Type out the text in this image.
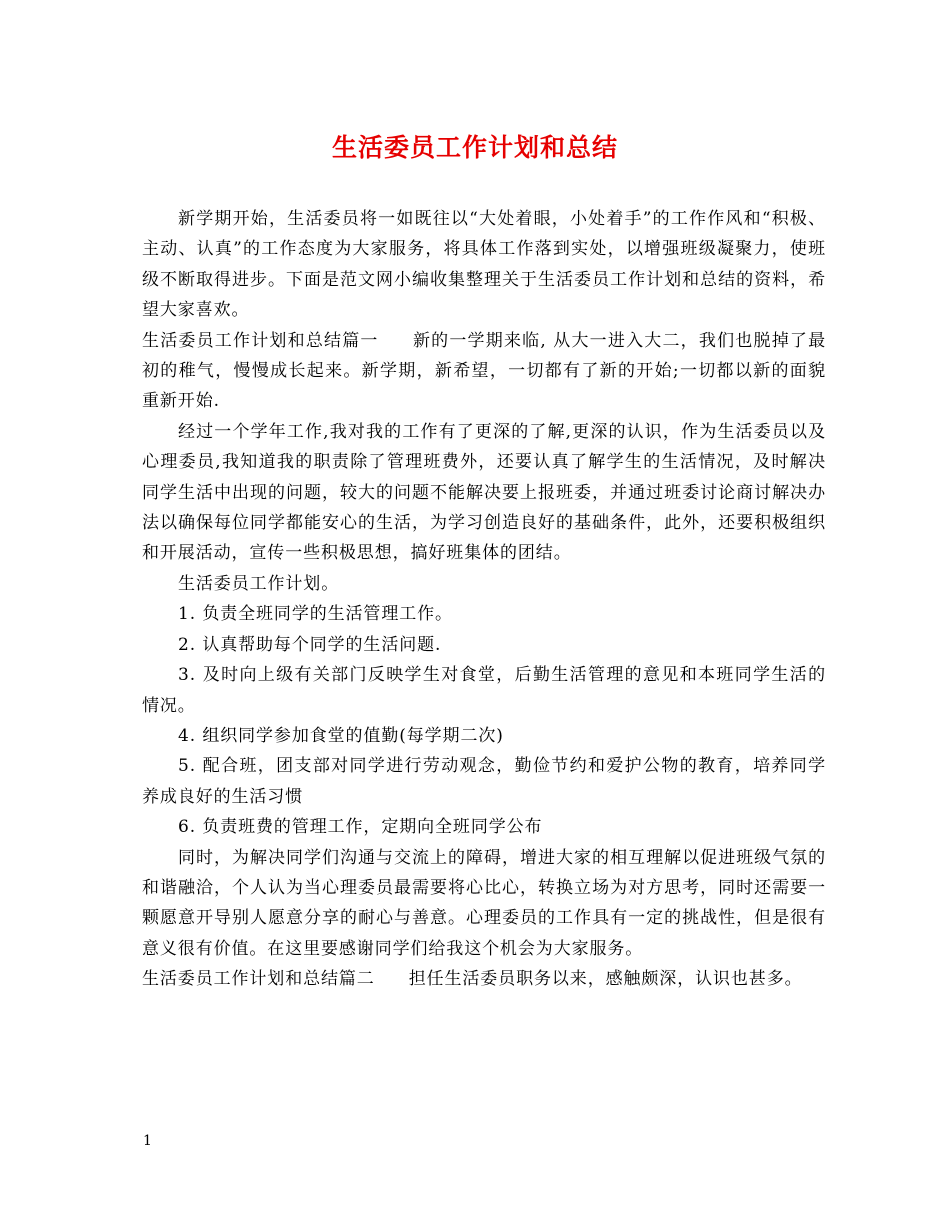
生活委员工作计划和总结

新学期开始，生活委员将一如既往以“大处着眼，小处着手”的工作作风和“积极、主动、认真”的工作态度为大家服务，将具体工作落到实处，以增强班级凝聚力，使班级不断取得进步。下面是范文网小编收集整理关于生活委员工作计划和总结的资料，希望大家喜欢。

生活委员工作计划和总结篇一 新的一学期来临, 从大一进入大二，我们也脱掉了最初的稚气，慢慢成长起来。新学期，新希望，一切都有了新的开始;一切都以新的面貌重新开始.

经过一个学年工作,我对我的工作有了更深的了解,更深的认识，作为生活委员以及心理委员,我知道我的职责除了管理班费外，还要认真了解学生的生活情况，及时解决同学生活中出现的问题，较大的问题不能解决要上报班委，并通过班委讨论商讨解决办法以确保每位同学都能安心的生活，为学习创造良好的基础条件，此外，还要积极组织和开展活动，宣传一些积极思想，搞好班集体的团结。

生活委员工作计划。

1. 负责全班同学的生活管理工作。

2. 认真帮助每个同学的生活问题.

3. 及时向上级有关部门反映学生对食堂，后勤生活管理的意见和本班同学生活的情况。

4. 组织同学参加食堂的值勤(每学期二次)

5. 配合班，团支部对同学进行劳动观念，勤俭节约和爱护公物的教育，培养同学养成良好的生活习惯

6. 负责班费的管理工作，定期向全班同学公布

同时，为解决同学们沟通与交流上的障碍，增进大家的相互理解以促进班级气氛的和谐融洽，个人认为当心理委员最需要将心比心，转换立场为对方思考，同时还需要一颗愿意开导别人愿意分享的耐心与善意。心理委员的工作具有一定的挑战性，但是很有意义很有价值。在这里要感谢同学们给我这个机会为大家服务。

生活委员工作计划和总结篇二 担任生活委员职务以来，感触颇深，认识也甚多。

1
